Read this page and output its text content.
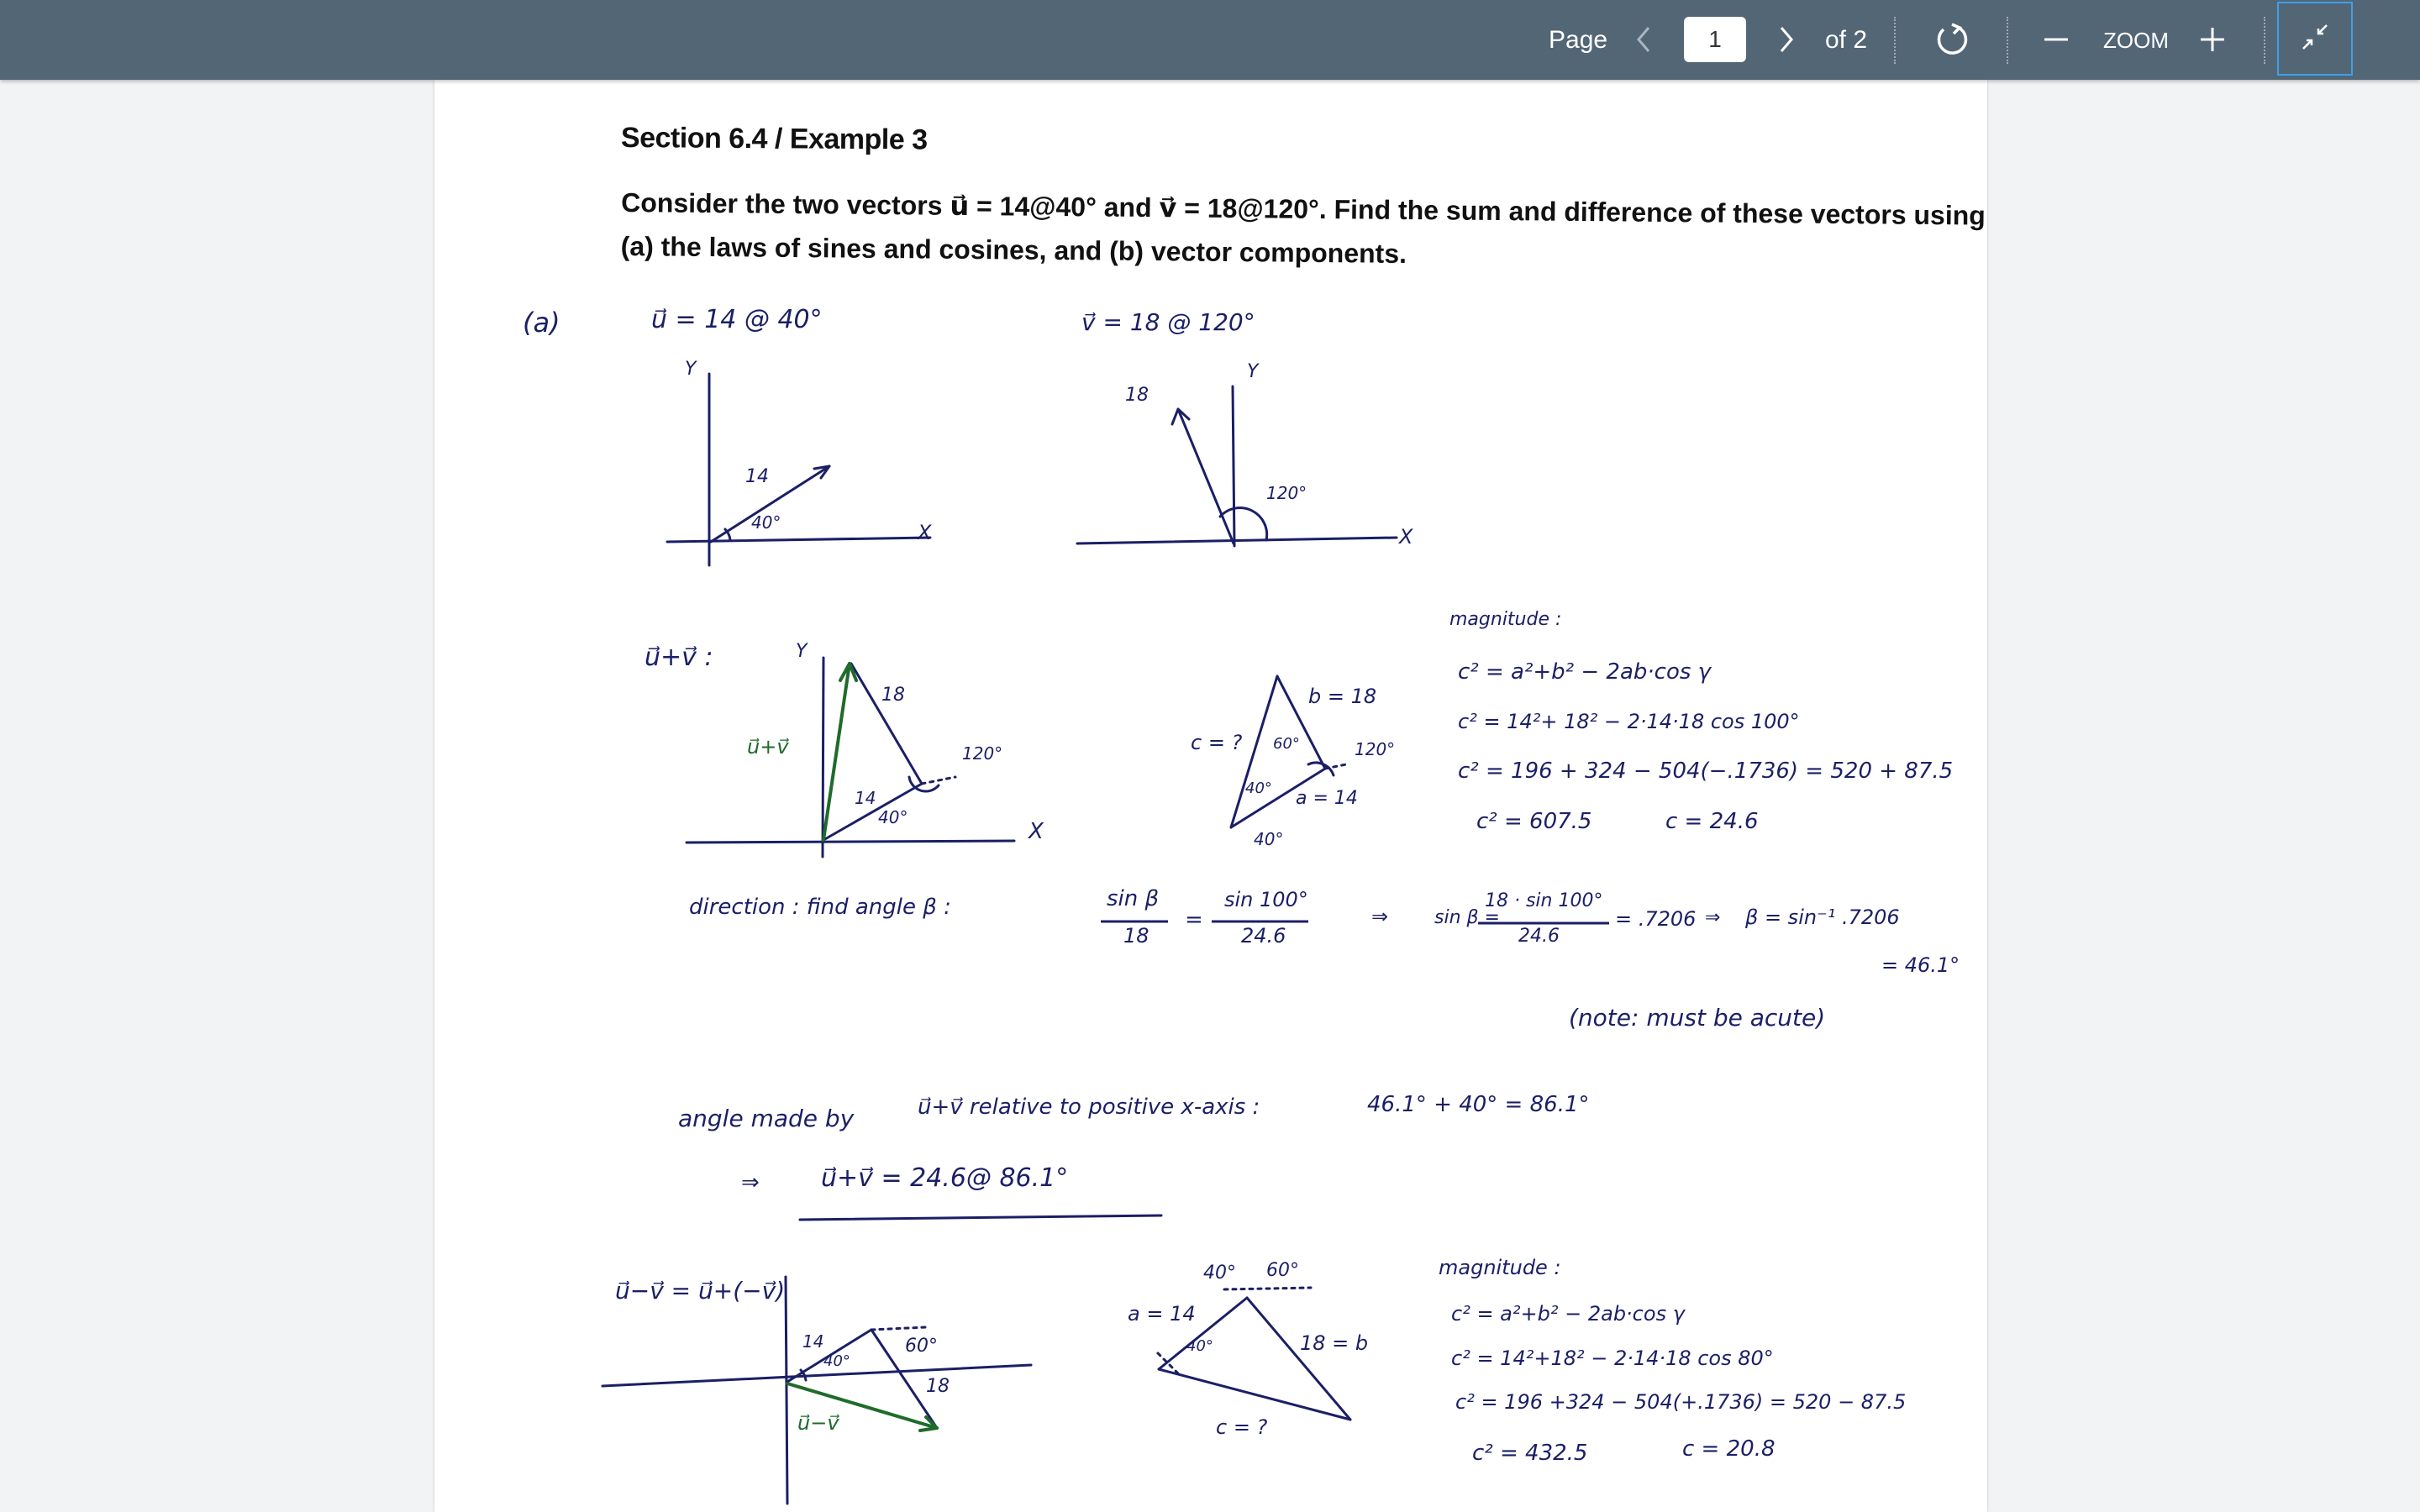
Page
1	of 2	ZOOM
Section 6.4 / Example 3
Consider the two vectors u⃗ = 14@40° and v⃗ = 18@120°. Find the sum and difference of these vectors using (a) the laws of sines and cosines, and (b) vector components.
(a)	u⃗ = 14 @ 40°	v⃗ = 18 @ 120°
Y
X
14
40°
Y
X
18
120°
u⃗+v⃗ :	Y
X
u⃗+v⃗
18
14
40°
120°	c = ?
b = 18
60°	120°
40° a = 14
40°
magnitude :
c² = a²+b² − 2ab·cos γ
c² = 14²+ 18² − 2·14·18 cos 100°
c² = 196 + 324 − 504(−.1736) = 520 + 87.5
c² = 607.5	c = 24.6
direction : find angle β :	sin β
18
=
sin 100°
24.6
⇒ sin β =
18 · sin 100°
24.6
= .7206 ⇒ β = sin⁻¹ .7206
= 46.1°
(note: must be acute)
angle made by	u⃗+v⃗ relative to positive x-axis :	46.1° + 40° = 86.1°
⇒ u⃗+v⃗ = 24.6@ 86.1°
u⃗−v⃗ = u⃗+(−v⃗)
14
40°
60°
18
u⃗−v⃗
40° 60°
a = 14
40°	18 = b
c = ?
magnitude :
c² = a²+b² − 2ab·cos γ
c² = 14²+18² − 2·14·18 cos 80°
c² = 196 +324 − 504(+.1736) = 520 − 87.5
c² = 432.5	c = 20.8
